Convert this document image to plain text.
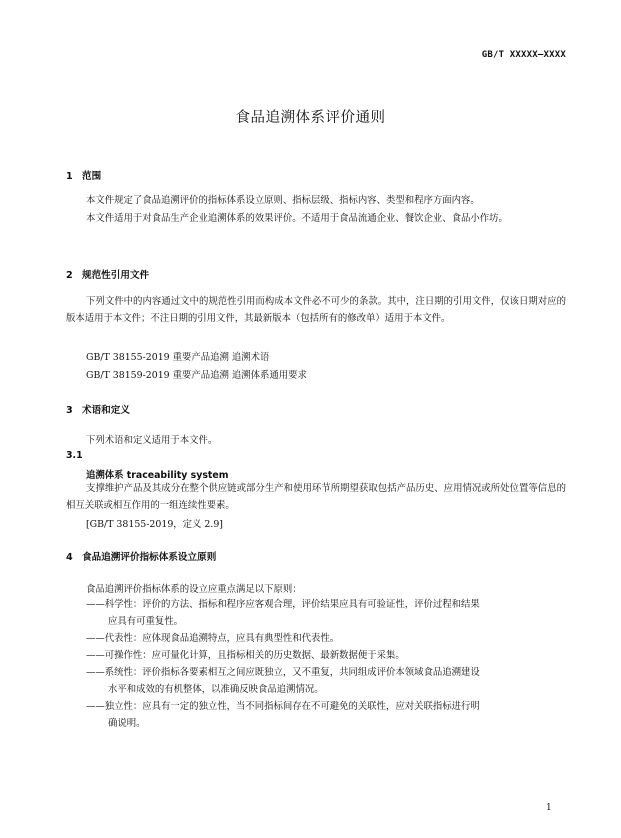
GB/T XXXXX—XXXX
食品追溯体系评价通则
1 范围
本文件规定了食品追溯评价的指标体系设立原则、指标层级、指标内容、类型和程序方面内容。
本文件适用于对食品生产企业追溯体系的效果评价。不适用于食品流通企业、餐饮企业、食品小作坊。
2 规范性引用文件
下列文件中的内容通过文中的规范性引用而构成本文件必不可少的条款。其中，注日期的引用文件，仅该日期对应的版本适用于本文件；不注日期的引用文件，其最新版本（包括所有的修改单）适用于本文件。
GB/T 38155-2019 重要产品追溯 追溯术语
GB/T 38159-2019 重要产品追溯 追溯体系通用要求
3 术语和定义
下列术语和定义适用于本文件。
3.1
追溯体系 traceability system
支撑维护产品及其成分在整个供应链或部分生产和使用环节所期望获取包括产品历史、应用情况或所处位置等信息的相互关联或相互作用的一组连续性要素。
[GB/T 38155-2019，定义 2.9]
4 食品追溯评价指标体系设立原则
食品追溯评价指标体系的设立应重点满足以下原则：
——科学性：评价的方法、指标和程序应客观合理，评价结果应具有可验证性，评价过程和结果
应具有可重复性。
——代表性：应体现食品追溯特点，应具有典型性和代表性。
——可操作性：应可量化计算，且指标相关的历史数据、最新数据便于采集。
——系统性：评价指标各要素相互之间应既独立，又不重复，共同组成评价本领域食品追溯建设
水平和成效的有机整体，以准确反映食品追溯情况。
——独立性：应具有一定的独立性，当不同指标间存在不可避免的关联性，应对关联指标进行明
确说明。
1
